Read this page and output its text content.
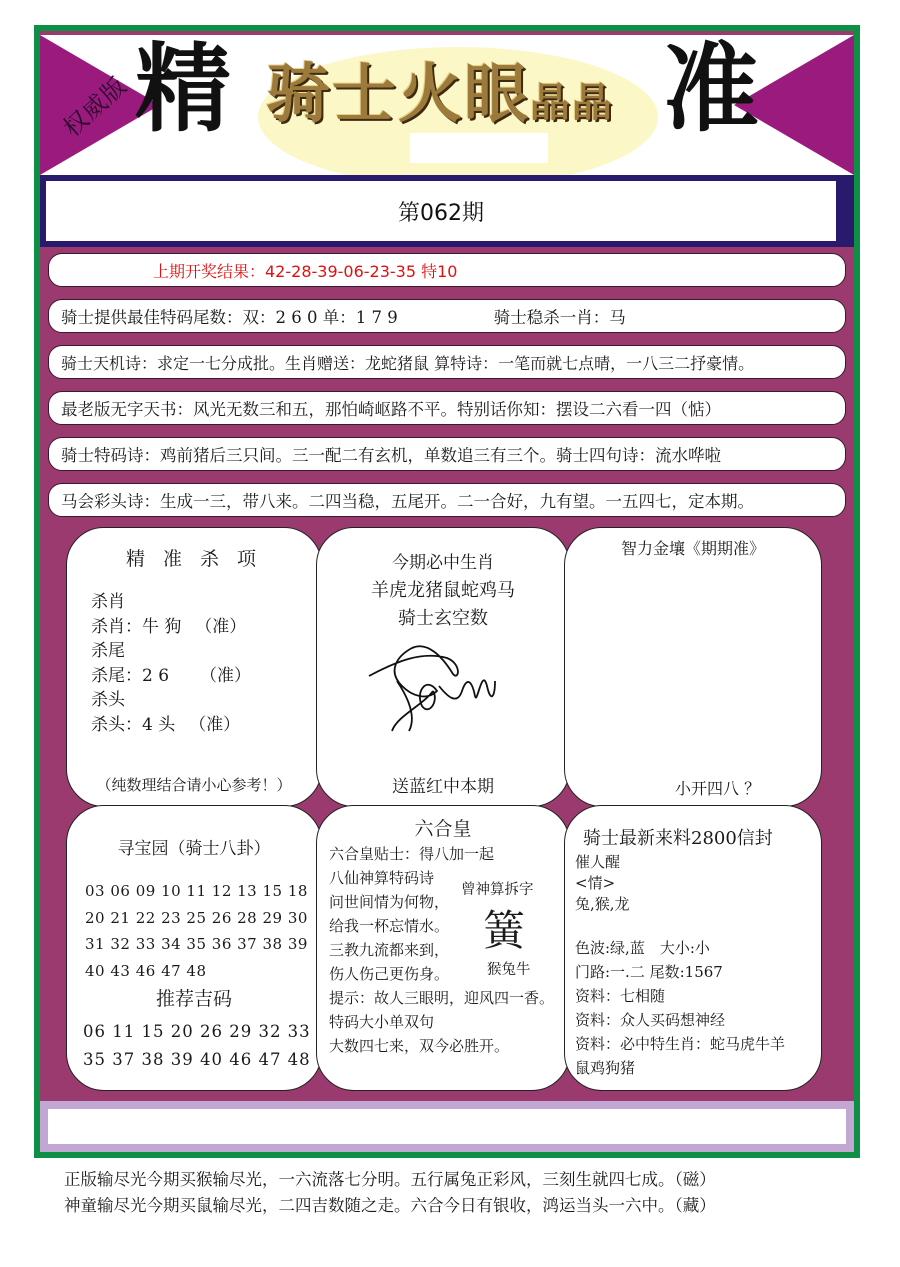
权威版 精 骑士火眼晶晶 准
第062期
上期开奖结果：42-28-39-06-23-35 特10
骑士提供最佳特码尾数：双：2 6 0 单：1 7 9	骑士稳杀一肖：马
骑士天机诗：求定一七分成批。生肖赠送：龙蛇猪鼠 算特诗：一笔而就七点晴，一八三二抒豪情。
最老版无字天书：风光无数三和五，那怕崎岖路不平。特别话你知：摆设二六看一四（惦）
骑士特码诗：鸡前猪后三只间。三一配二有玄机，单数追三有三个。骑士四句诗：流水哗啦
马会彩头诗：生成一三，带八来。二四当稳，五尾开。二一合好，九有望。一五四七，定本期。
精 准 杀 项
杀肖
杀肖：牛 狗 　（准）
杀尾
杀尾：2 6 　　（准）
杀头
杀头：4 头 　（准）
（纯数理结合请小心参考！）
今期必中生肖
羊虎龙猪鼠蛇鸡马
骑士玄空数
送蓝红中本期
智力金壤《期期准》
小开四八 ？
寻宝园（骑士八卦）
03 06 09 10 11 12 13 15 18
20 21 22 23 25 26 28 29 30
31 32 33 34 35 36 37 38 39
40 43 46 47 48
推荐吉码
06 11 15 20 26 29 32 33
35 37 38 39 40 46 47 48
六合皇
六合皇贴士：得八加一起
八仙神算特码诗
问世间情为何物，
给我一杯忘情水。
三教九流都来到，
伤人伤己更伤身。
提示：故人三眼明，迎风四一香。
特码大小单双句
大数四七来，双今必胜开。
曾神算拆字
簧
猴兔牛
骑士最新来料2800信封
催人醒
<情>
兔,猴,龙
色波:绿,蓝　大小:小
门路:一.二 尾数:1567
资料：七相随
资料：众人买码想神经
资料：必中特生肖：蛇马虎牛羊
鼠鸡狗猪
正版输尽光今期买猴输尽光，一六流落七分明。五行属兔正彩风，三刻生就四七成。（磁）
神童输尽光今期买鼠输尽光，二四吉数随之走。六合今日有银收，鸿运当头一六中。（藏）
